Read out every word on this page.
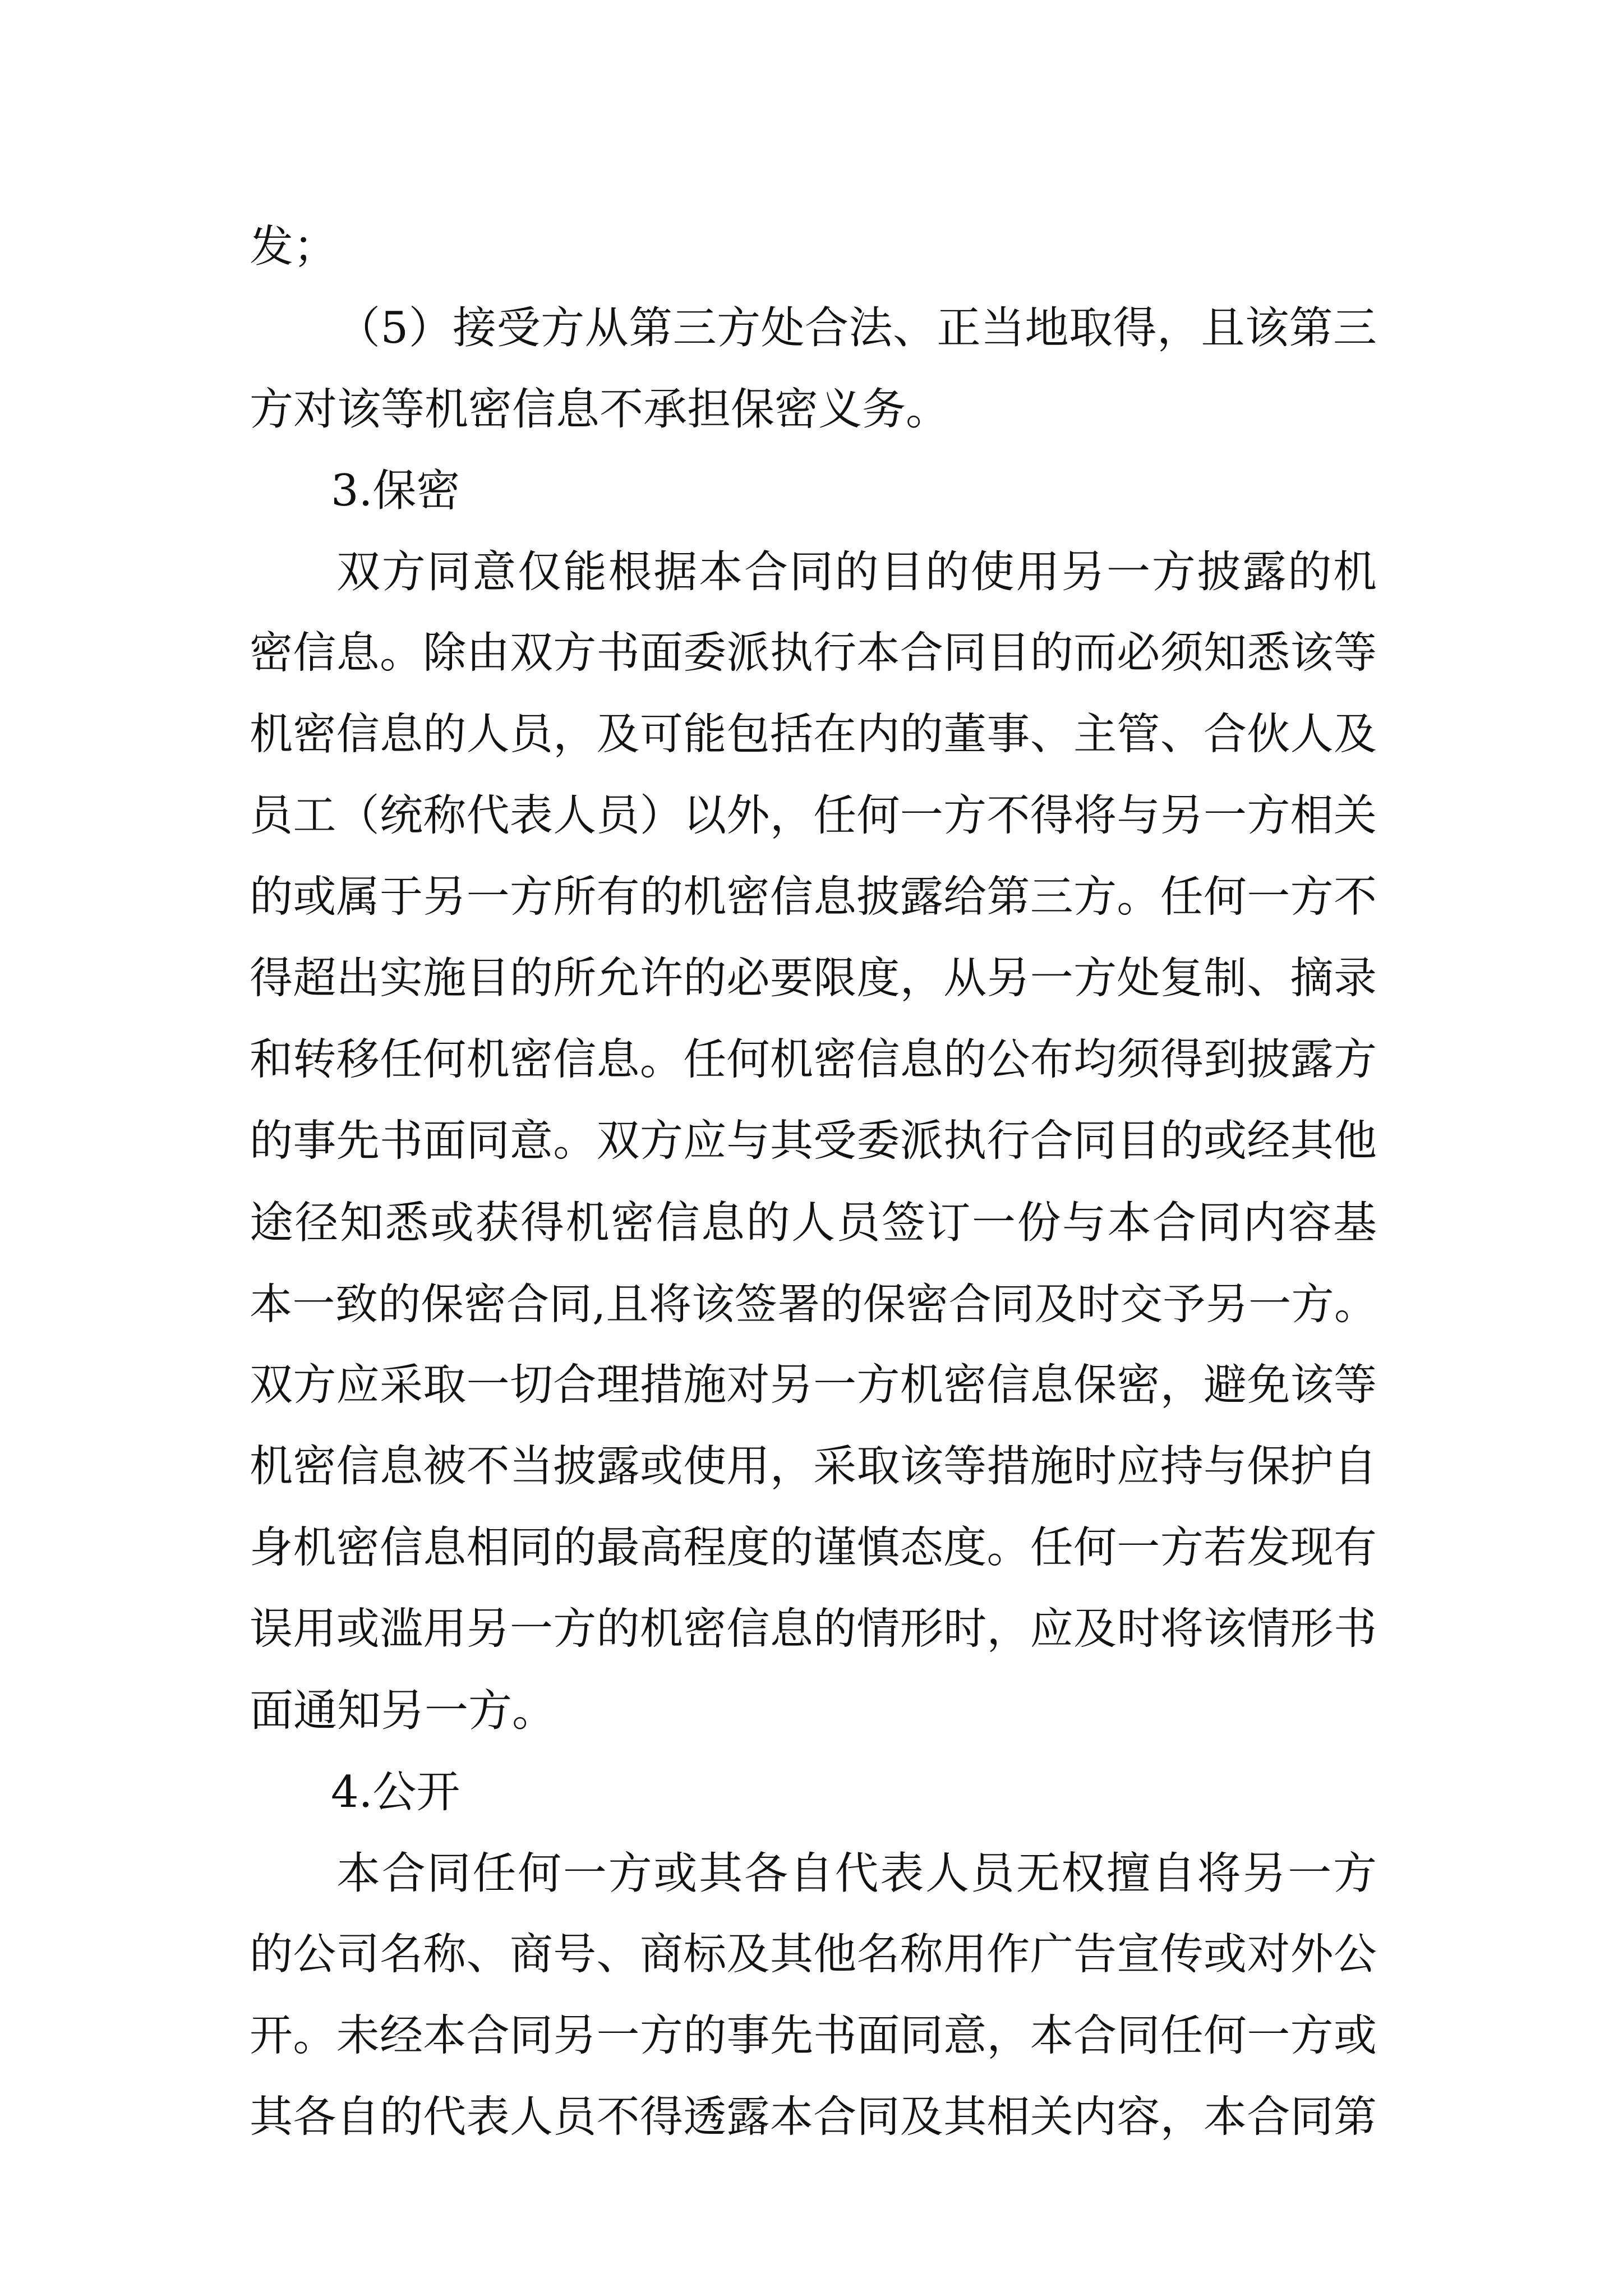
发；
（5）接受方从第三方处合法、正当地取得，且该第三
方对该等机密信息不承担保密义务。
3.保密
双方同意仅能根据本合同的目的使用另一方披露的机
密信息。除由双方书面委派执行本合同目的而必须知悉该等
机密信息的人员，及可能包括在内的董事、主管、合伙人及
员工（统称代表人员）以外，任何一方不得将与另一方相关
的或属于另一方所有的机密信息披露给第三方。任何一方不
得超出实施目的所允许的必要限度，从另一方处复制、摘录
和转移任何机密信息。任何机密信息的公布均须得到披露方
的事先书面同意。双方应与其受委派执行合同目的或经其他
途径知悉或获得机密信息的人员签订一份与本合同内容基
本一致的保密合同,且将该签署的保密合同及时交予另一方。
双方应采取一切合理措施对另一方机密信息保密，避免该等
机密信息被不当披露或使用，采取该等措施时应持与保护自
身机密信息相同的最高程度的谨慎态度。任何一方若发现有
误用或滥用另一方的机密信息的情形时，应及时将该情形书
面通知另一方。
4.公开
本合同任何一方或其各自代表人员无权擅自将另一方
的公司名称、商号、商标及其他名称用作广告宣传或对外公
开。未经本合同另一方的事先书面同意，本合同任何一方或
其各自的代表人员不得透露本合同及其相关内容，本合同第
